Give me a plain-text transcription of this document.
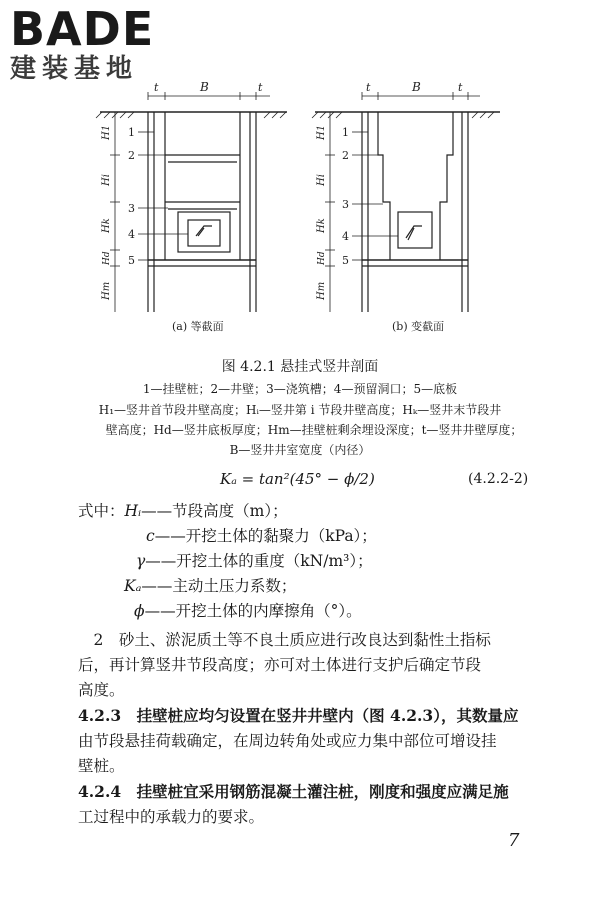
BADE
建装基地
t	B	t
H1
Hi
Hk
Hd
Hm
1
2
3
4
5
(a) 等截面
t	B	t
H1
Hi
Hk
Hd
Hm
1
2
3
4
5
(b) 变截面
图 4.2.1 悬挂式竖井剖面
1—挂壁桩；2—井壁；3—浇筑槽；4—预留洞口；5—底板
H₁—竖井首节段井壁高度；Hᵢ—竖井第 i 节段井壁高度；Hₖ—竖井末节段井
壁高度；Hd—竖井底板厚度；Hm—挂壁桩剩余埋设深度；t—竖井井壁厚度；
B—竖井井室宽度（内径）
Kₐ = tan²(45° − ϕ/2)	(4.2.2-2)
式中：Hᵢ——节段高度（m）；
c——开挖土体的黏聚力（kPa）；
γ——开挖土体的重度（kN/m³）；
Kₐ——主动土压力系数；
ϕ——开挖土体的内摩擦角（°）。
　2　砂土、淤泥质土等不良土质应进行改良达到黏性土指标
后，再计算竖井节段高度；亦可对土体进行支护后确定节段
高度。
4.2.3　挂壁桩应均匀设置在竖井井壁内（图 4.2.3），其数量应
由节段悬挂荷载确定，在周边转角处或应力集中部位可增设挂
壁桩。
4.2.4　挂壁桩宜采用钢筋混凝土灌注桩，刚度和强度应满足施
工过程中的承载力的要求。
7
